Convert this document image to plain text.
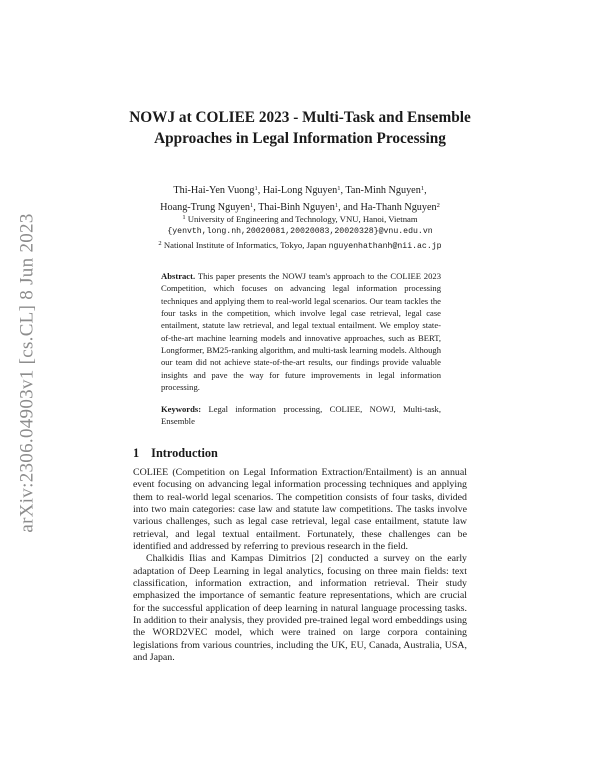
arXiv:2306.04903v1 [cs.CL] 8 Jun 2023
NOWJ at COLIEE 2023 - Multi-Task and Ensemble Approaches in Legal Information Processing
Thi-Hai-Yen Vuong$^1$, Hai-Long Nguyen$^1$, Tan-Minh Nguyen$^1$,
Hoang-Trung Nguyen$^1$, Thai-Binh Nguyen$^1$, and Ha-Thanh Nguyen$^2$
$^1$ University of Engineering and Technology, VNU, Hanoi, Vietnam
{yenvth,long.nh,20020081,20020083,20020328}@vnu.edu.vn
$^2$ National Institute of Informatics, Tokyo, Japan nguyenhathanh@nii.ac.jp
Abstract. This paper presents the NOWJ team's approach to the COLIEE 2023 Competition, which focuses on advancing legal information processing techniques and applying them to real-world legal scenarios. Our team tackles the four tasks in the competition, which involve legal case retrieval, legal case entailment, statute law retrieval, and legal textual entailment. We employ state-of-the-art machine learning models and innovative approaches, such as BERT, Longformer, BM25-ranking algorithm, and multi-task learning models. Although our team did not achieve state-of-the-art results, our findings provide valuable insights and pave the way for future improvements in legal information processing.
Keywords: Legal information processing, COLIEE, NOWJ, Multi-task, Ensemble
1 Introduction

COLIEE (Competition on Legal Information Extraction/Entailment) is an annual event focusing on advancing legal information processing techniques and applying them to real-world legal scenarios. The competition consists of four tasks, divided into two main categories: case law and statute law competitions. The tasks involve various challenges, such as legal case retrieval, legal case entailment, statute law retrieval, and legal textual entailment. Fortunately, these challenges can be identified and addressed by referring to previous research in the field.

Chalkidis Ilias and Kampas Dimitrios [2] conducted a survey on the early adaptation of Deep Learning in legal analytics, focusing on three main fields: text classification, information extraction, and information retrieval. Their study emphasized the importance of semantic feature representations, which are crucial for the successful application of deep learning in natural language processing tasks. In addition to their analysis, they provided pre-trained legal word embeddings using the WORD2VEC model, which were trained on large corpora containing legislations from various countries, including the UK, EU, Canada, Australia, USA, and Japan.
